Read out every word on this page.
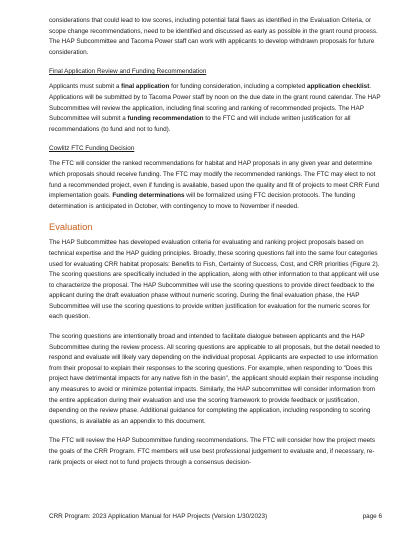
considerations that could lead to low scores, including potential fatal flaws as identified in the Evaluation Criteria, or scope change recommendations, need to be identified and discussed as early as possible in the grant round process. The HAP Subcommittee and Tacoma Power staff can work with applicants to develop withdrawn proposals for future consideration.

Final Application Review and Funding Recommendation

Applicants must submit a final application for funding consideration, including a completed application checklist. Applications will be submitted by to Tacoma Power staff by noon on the due date in the grant round calendar. The HAP Subcommittee will review the application, including final scoring and ranking of recommended projects. The HAP Subcommittee will submit a funding recommendation to the FTC and will include written justification for all recommendations (to fund and not to fund).

Cowlitz FTC Funding Decision

The FTC will consider the ranked recommendations for habitat and HAP proposals in any given year and determine which proposals should receive funding. The FTC may modify the recommended rankings. The FTC may elect to not fund a recommended project, even if funding is available, based upon the quality and fit of projects to meet CRR Fund implementation goals. Funding determinations will be formalized using FTC decision protocols. The funding determination is anticipated in October, with contingency to move to November if needed.

Evaluation

The HAP Subcommittee has developed evaluation criteria for evaluating and ranking project proposals based on technical expertise and the HAP guiding principles. Broadly, these scoring questions fall into the same four categories used for evaluating CRR habitat proposals: Benefits to Fish, Certainty of Success, Cost, and CRR priorities (Figure 2). The scoring questions are specifically included in the application, along with other information to that applicant will use to characterize the proposal. The HAP Subcommittee will use the scoring questions to provide direct feedback to the applicant during the draft evaluation phase without numeric scoring. During the final evaluation phase, the HAP Subcommittee will use the scoring questions to provide written justification for evaluation for the numeric scores for each question.

The scoring questions are intentionally broad and intended to facilitate dialogue between applicants and the HAP Subcommittee during the review process. All scoring questions are applicable to all proposals, but the detail needed to respond and evaluate will likely vary depending on the individual proposal. Applicants are expected to use information from their proposal to explain their responses to the scoring questions. For example, when responding to "Does this project have detrimental impacts for any native fish in the basin", the applicant should explain their response including any measures to avoid or minimize potential impacts. Similarly, the HAP subcommittee will consider information from the entire application during their evaluation and use the scoring framework to provide feedback or justification, depending on the review phase. Additional guidance for completing the application, including responding to scoring questions, is available as an appendix to this document.

The FTC will review the HAP Subcommittee funding recommendations. The FTC will consider how the project meets the goals of the CRR Program. FTC members will use best professional judgement to evaluate and, if necessary, re-rank projects or elect not to fund projects through a consensus decision-

CRR Program: 2023 Application Manual for HAP Projects (Version 1/30/2023)	page 6
